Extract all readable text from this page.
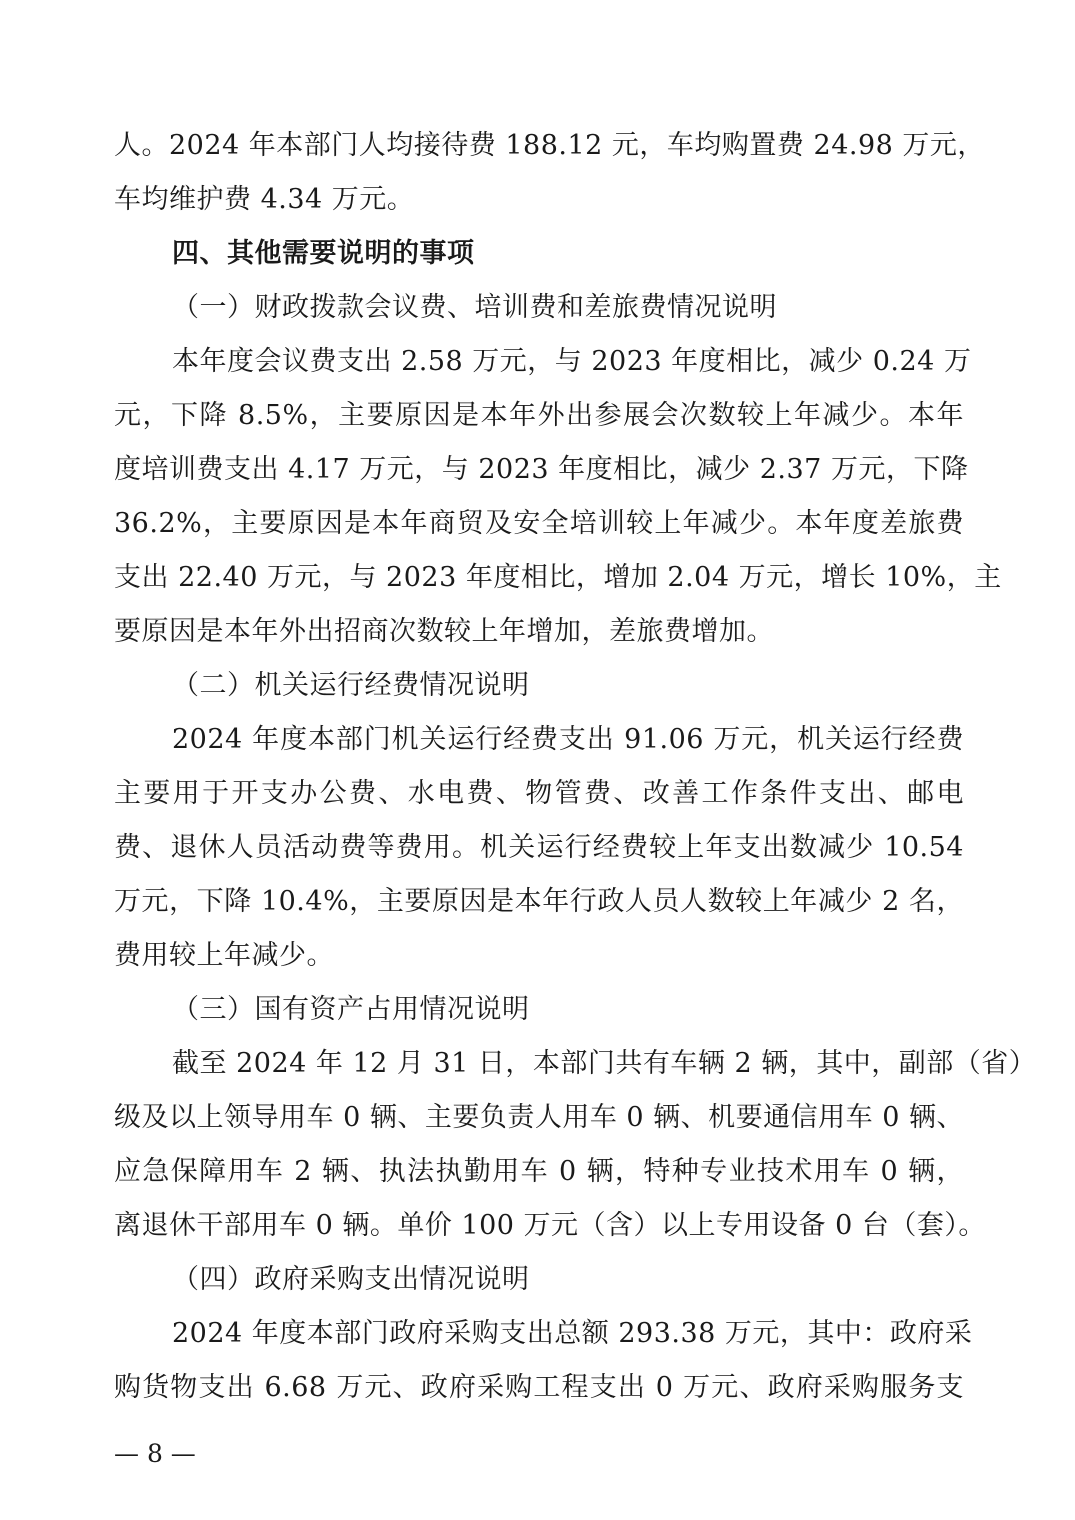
人。2024 年本部门人均接待费 188.12 元，车均购置费 24.98 万元，
车均维护费 4.34 万元。
四、其他需要说明的事项
（一）财政拨款会议费、培训费和差旅费情况说明
本年度会议费支出 2.58 万元，与 2023 年度相比，减少 0.24 万
元，下降 8.5%，主要原因是本年外出参展会次数较上年减少。本年
度培训费支出 4.17 万元，与 2023 年度相比，减少 2.37 万元，下降
36.2%，主要原因是本年商贸及安全培训较上年减少。本年度差旅费
支出 22.40 万元，与 2023 年度相比，增加 2.04 万元，增长 10%，主
要原因是本年外出招商次数较上年增加，差旅费增加。
（二）机关运行经费情况说明
2024 年度本部门机关运行经费支出 91.06 万元，机关运行经费
主要用于开支办公费、水电费、物管费、改善工作条件支出、邮电
费、退休人员活动费等费用。机关运行经费较上年支出数减少 10.54
万元，下降 10.4%，主要原因是本年行政人员人数较上年减少 2 名，
费用较上年减少。
（三）国有资产占用情况说明
截至 2024 年 12 月 31 日，本部门共有车辆 2 辆，其中，副部（省）
级及以上领导用车 0 辆、主要负责人用车 0 辆、机要通信用车 0 辆、
应急保障用车 2 辆、执法执勤用车 0 辆，特种专业技术用车 0 辆，
离退休干部用车 0 辆。单价 100 万元（含）以上专用设备 0 台（套）。
（四）政府采购支出情况说明
2024 年度本部门政府采购支出总额 293.38 万元，其中：政府采
购货物支出 6.68 万元、政府采购工程支出 0 万元、政府采购服务支
— 8 —
